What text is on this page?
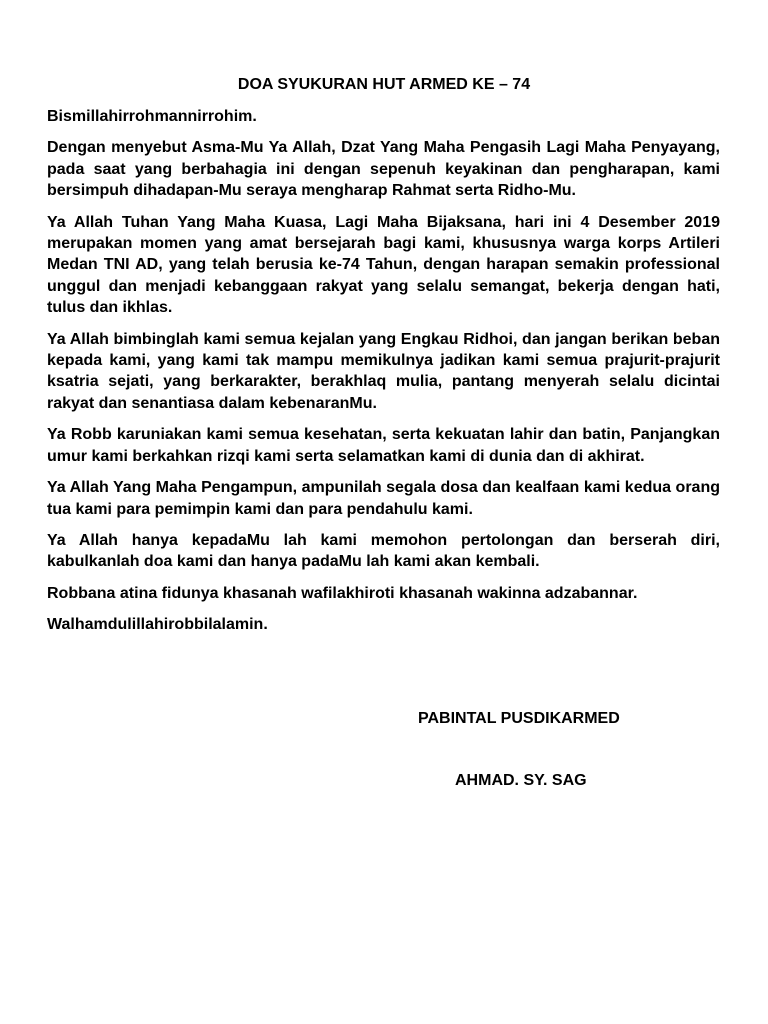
DOA SYUKURAN HUT ARMED KE – 74

Bismillahirrohmannirrohim.

Dengan menyebut Asma-Mu Ya Allah, Dzat Yang Maha Pengasih Lagi Maha Penyayang, pada saat yang berbahagia ini dengan sepenuh keyakinan dan pengharapan, kami bersimpuh dihadapan-Mu seraya mengharap Rahmat serta Ridho-Mu.

Ya Allah Tuhan Yang Maha Kuasa, Lagi Maha Bijaksana, hari ini 4 Desember 2019 merupakan momen yang amat bersejarah bagi kami, khususnya warga korps Artileri Medan TNI AD, yang telah berusia ke-74 Tahun, dengan harapan semakin professional unggul dan menjadi kebanggaan rakyat yang selalu semangat, bekerja dengan hati, tulus dan ikhlas.

Ya Allah bimbinglah kami semua kejalan yang Engkau Ridhoi, dan jangan berikan beban kepada kami, yang kami tak mampu memikulnya jadikan kami semua prajurit-prajurit ksatria sejati, yang berkarakter, berakhlaq mulia, pantang menyerah selalu dicintai rakyat dan senantiasa dalam kebenaranMu.

Ya Robb karuniakan kami semua kesehatan, serta kekuatan lahir dan batin, Panjangkan umur kami berkahkan rizqi kami serta selamatkan kami di dunia dan di akhirat.

Ya Allah Yang Maha Pengampun, ampunilah segala dosa dan kealfaan kami kedua orang tua kami para pemimpin kami dan para pendahulu kami.

Ya Allah hanya kepadaMu lah kami memohon pertolongan dan berserah diri, kabulkanlah doa kami dan hanya padaMu lah kami akan kembali.

Robbana atina fidunya khasanah wafilakhiroti khasanah wakinna adzabannar.

Walhamdulillahirobbilalamin.

PABINTAL PUSDIKARMED

AHMAD. SY. SAG
